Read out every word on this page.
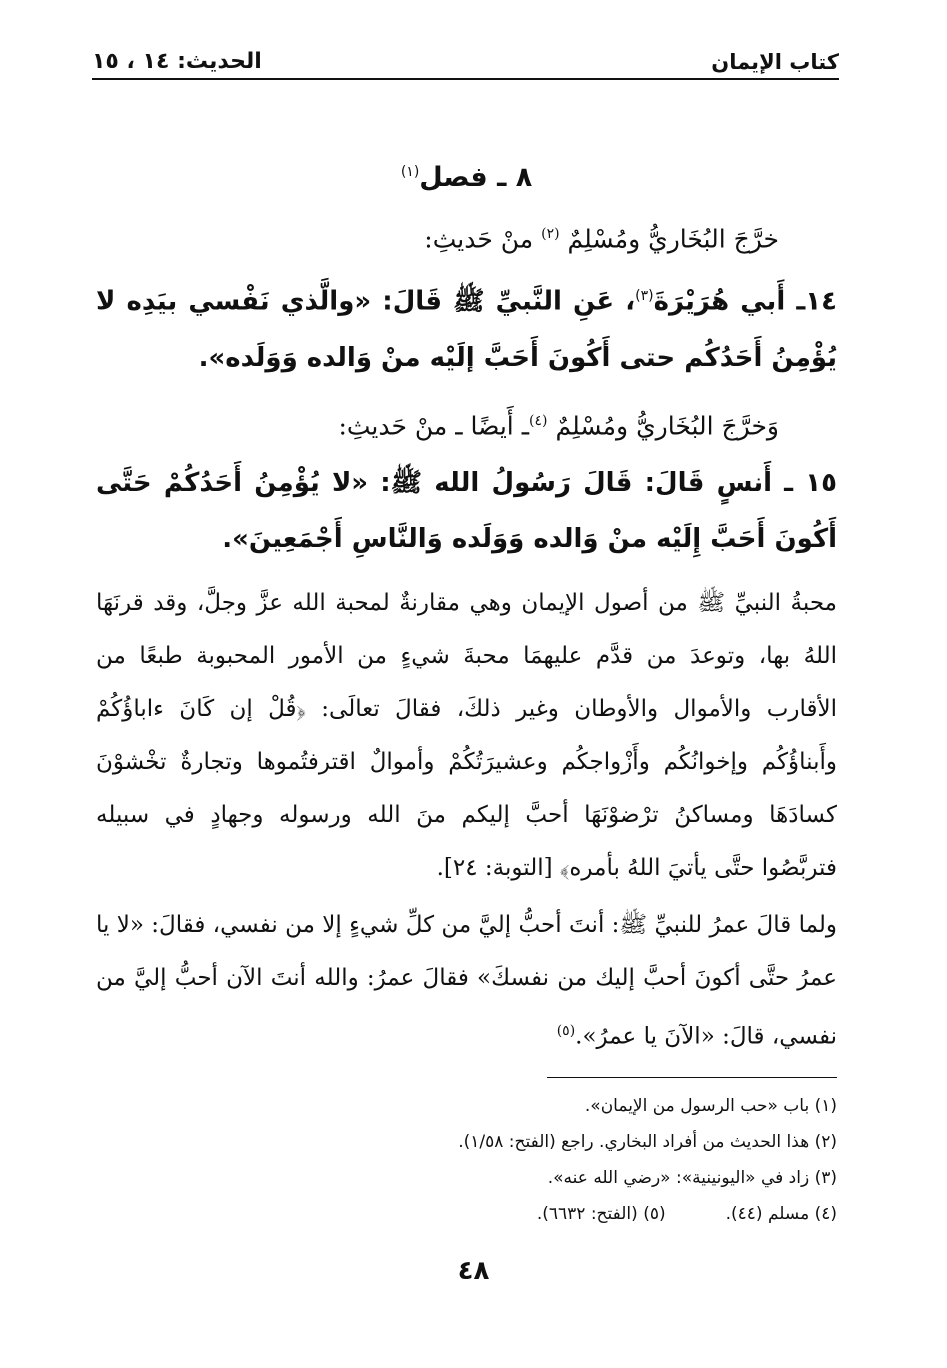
الحديث: ١٤ ، ١٥	كتاب الإيمان
٨ ـ فصل$^{(١)}$

خرَّجَ البُخَاريُّ ومُسْلِمٌ $^{(٢)}$ منْ حَديثِ:

١٤ـ أَبي هُرَيْرَةَ$^{(٣)}$، عَنِ النَّبيِّ ﷺ قَالَ: «والَّذي نَفْسي بيَدِه لا يُؤْمِنُ أَحَدُكُم حتى أَكُونَ أَحَبَّ إلَيْه منْ وَالده وَوَلَده».

وَخرَّجَ البُخَاريُّ ومُسْلِمٌ $^{(٤)}$ـ أَيضًا ـ منْ حَديثِ:

١٥ ـ أَنسٍ قَالَ: قَالَ رَسُولُ الله ﷺ: «لا يُؤْمِنُ أَحَدُكُمْ حَتَّى أَكُونَ أَحَبَّ إِلَيْه منْ وَالده وَوَلَده وَالنَّاسِ أَجْمَعِينَ».

محبةُ النبيِّ ﷺ من أصول الإيمان وهي مقارنةٌ لمحبة الله عزَّ وجلَّ، وقد قرنَهَا اللهُ بها، وتوعدَ من قدَّم عليهمَا محبةَ شيءٍ من الأمور المحبوبة طبعًا من الأقارب والأموال والأوطان وغير ذلكَ، فقالَ تعالَى: ﴿قُلْ إن كَانَ ءاباؤُكُمْ وأَبناؤُكُم وإخوانُكُم وأَزْواجكُم وعشيرَتُكُمْ وأموالٌ اقترفتُموها وتجارةٌ تخْشوْنَ كسادَهَا ومساكنُ ترْضوْنَهَا أحبَّ إليكم منَ الله ورسوله وجهادٍ في سبيله فتربَّصُوا حتَّى يأتيَ اللهُ بأمره﴾ [التوبة: ٢٤].

ولما قالَ عمرُ للنبيِّ ﷺ: أنتَ أحبُّ إليَّ من كلِّ شيءٍ إلا من نفسي، فقالَ: «لا يا عمرُ حتَّى أكونَ أحبَّ إليك من نفسكَ» فقالَ عمرُ: والله أنتَ الآن أحبُّ إليَّ من نفسي، قالَ: «الآنَ يا عمرُ».$^{(٥)}$

(١) باب «حب الرسول من الإيمان».
(٢) هذا الحديث من أفراد البخاري. راجع (الفتح: ١/٥٨).
(٣) زاد في «اليونينية»: «رضي الله عنه».
(٤) مسلم (٤٤).
(٥) (الفتح: ٦٦٣٢).
٤٨
